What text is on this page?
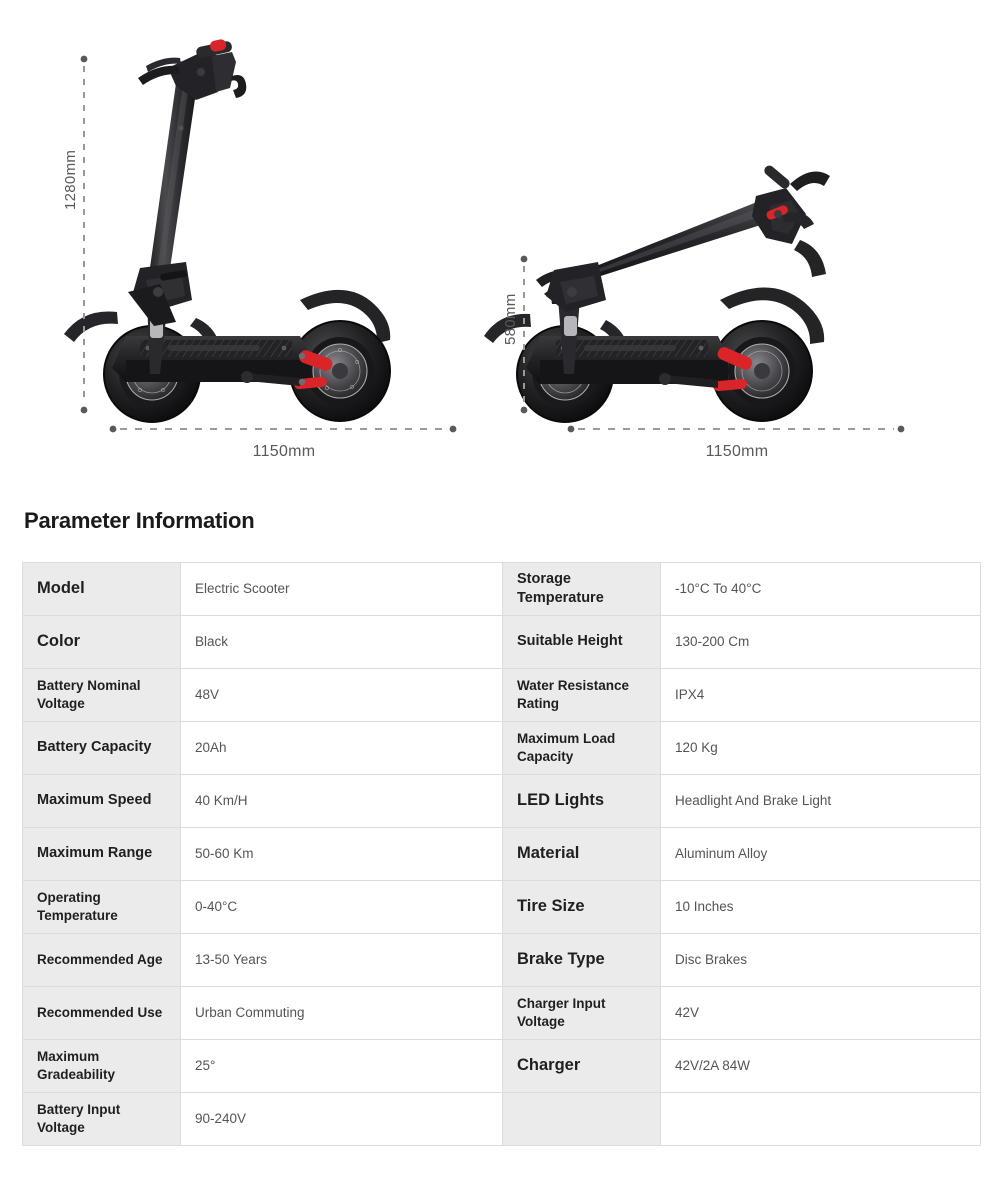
1280mm
1150mm
580mm
1150mm
Parameter Information
Model	Electric Scooter	Storage Temperature	-10°C To 40°C
Color	Black	Suitable Height	130-200 Cm
Battery Nominal Voltage	48V	Water Resistance Rating	IPX4
Battery Capacity	20Ah	Maximum Load Capacity	120 Kg
Maximum Speed	40 Km/H	LED Lights	Headlight And Brake Light
Maximum Range	50-60 Km	Material	Aluminum Alloy
Operating Temperature	0-40°C	Tire Size	10 Inches
Recommended Age	13-50 Years	Brake Type	Disc Brakes
Recommended Use	Urban Commuting	Charger Input Voltage	42V
Maximum Gradeability	25°	Charger	42V/2A 84W
Battery Input Voltage	90-240V		
